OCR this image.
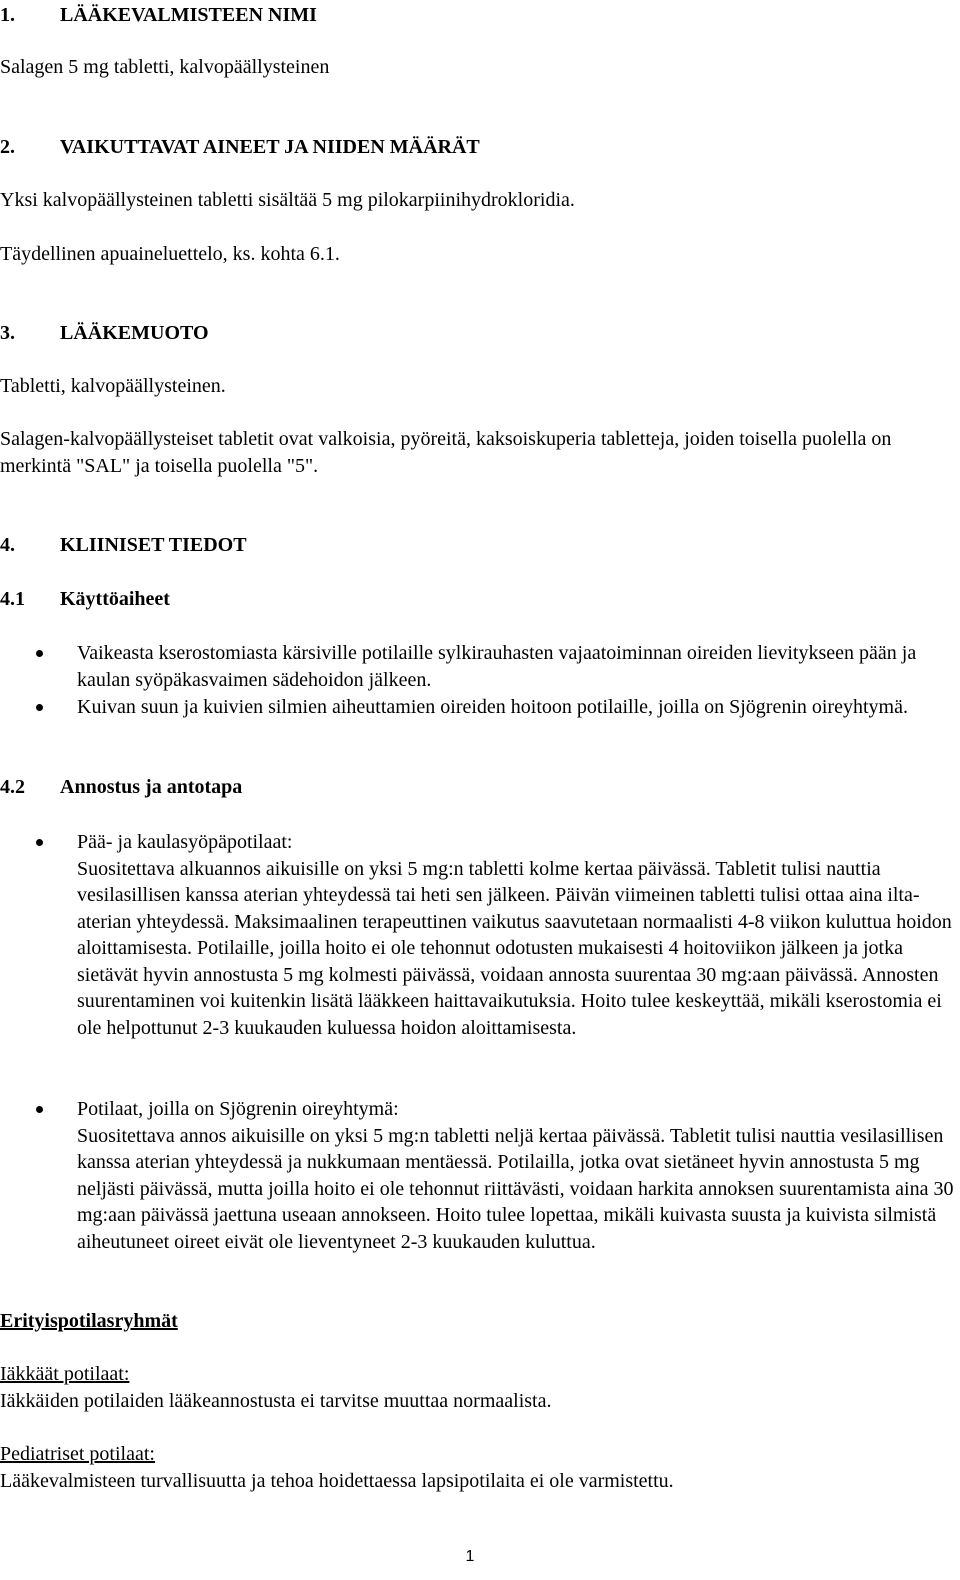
1. LÄÄKEVALMISTEEN NIMI
Salagen 5 mg tabletti, kalvopäällysteinen
2. VAIKUTTAVAT AINEET JA NIIDEN MÄÄRÄT
Yksi kalvopäällysteinen tabletti sisältää 5 mg pilokarpiinihydrokloridia.
Täydellinen apuaineluettelo, ks. kohta 6.1.
3. LÄÄKEMUOTO
Tabletti, kalvopäällysteinen.
Salagen-kalvopäällysteiset tabletit ovat valkoisia, pyöreitä, kaksoiskuperia tabletteja, joiden toisella puolella on merkintä "SAL" ja toisella puolella "5".
4. KLIINISET TIEDOT
4.1 Käyttöaiheet
Vaikeasta kserostomiasta kärsiville potilaille sylkirauhasten vajaatoiminnan oireiden lievitykseen pään ja kaulan syöpäkasvaimen sädehoidon jälkeen.
Kuivan suun ja kuivien silmien aiheuttamien oireiden hoitoon potilaille, joilla on Sjögrenin oireyhtymä.
4.2 Annostus ja antotapa
Pää- ja kaulasyöpäpotilaat:
Suositettava alkuannos aikuisille on yksi 5 mg:n tabletti kolme kertaa päivässä. Tabletit tulisi nauttia vesilasillisen kanssa aterian yhteydessä tai heti sen jälkeen. Päivän viimeinen tabletti tulisi ottaa aina ilta-aterian yhteydessä. Maksimaalinen terapeuttinen vaikutus saavutetaan normaalisti 4-8 viikon kuluttua hoidon aloittamisesta. Potilaille, joilla hoito ei ole tehonnut odotusten mukaisesti 4 hoitoviikon jälkeen ja jotka sietävät hyvin annostusta 5 mg kolmesti päivässä, voidaan annosta suurentaa 30 mg:aan päivässä. Annosten suurentaminen voi kuitenkin lisätä lääkkeen haittavaikutuksia. Hoito tulee keskeyttää, mikäli kserostomia ei ole helpottunut 2-3 kuukauden kuluessa hoidon aloittamisesta.
Potilaat, joilla on Sjögrenin oireyhtymä:
Suositettava annos aikuisille on yksi 5 mg:n tabletti neljä kertaa päivässä. Tabletit tulisi nauttia vesilasillisen kanssa aterian yhteydessä ja nukkumaan mentäessä. Potilailla, jotka ovat sietäneet hyvin annostusta 5 mg neljästi päivässä, mutta joilla hoito ei ole tehonnut riittävästi, voidaan harkita annoksen suurentamista aina 30 mg:aan päivässä jaettuna useaan annokseen. Hoito tulee lopettaa, mikäli kuivasta suusta ja kuivista silmistä aiheutuneet oireet eivät ole lieventyneet 2-3 kuukauden kuluttua.
Erityispotilasryhmät
Iäkkäät potilaat:
Iäkkäiden potilaiden lääkeannostusta ei tarvitse muuttaa normaalista.
Pediatriset potilaat:
Lääkevalmisteen turvallisuutta ja tehoa hoidettaessa lapsipotilaita ei ole varmistettu.
1
